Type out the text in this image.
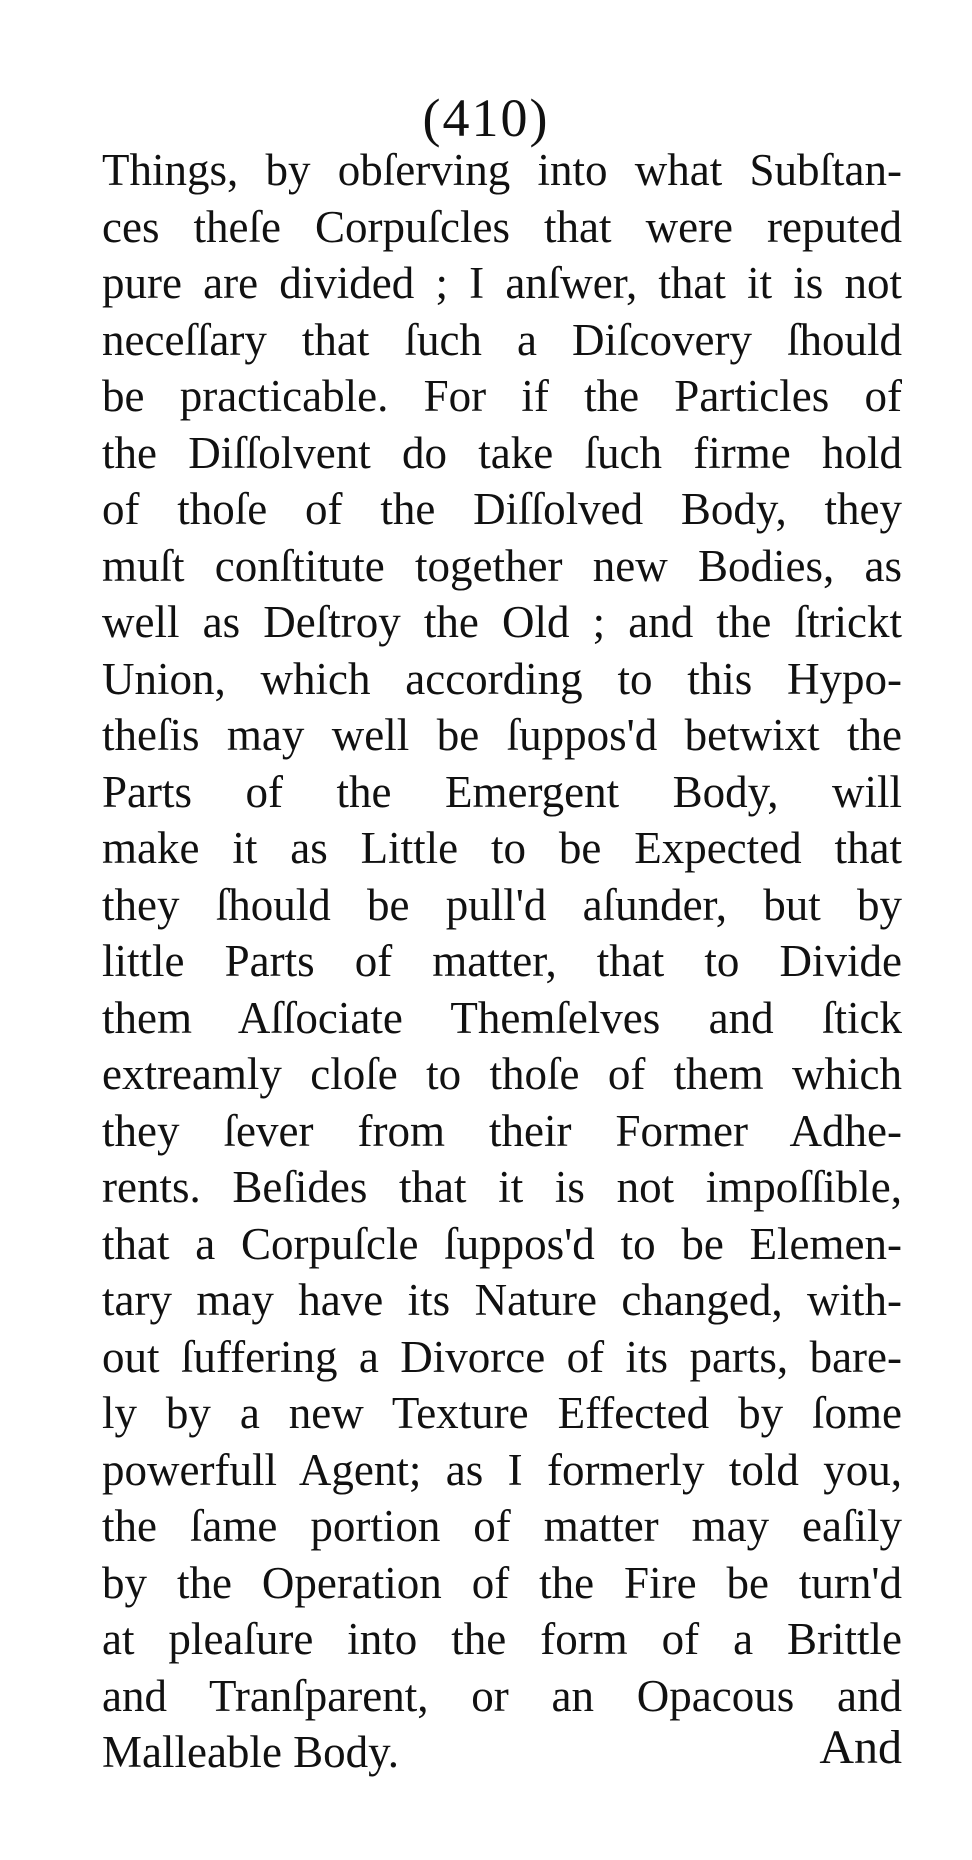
(410)
Things, by obſerving into what Subſtan-
ces theſe Corpuſcles that were reputed
pure are divided ; I anſwer, that it is not
neceſſary that ſuch a Diſcovery ſhould
be practicable. For if the Particles of
the Diſſolvent do take ſuch firme hold
of thoſe of the Diſſolved Body, they
muſt conſtitute together new Bodies, as
well as Deſtroy the Old ; and the ſtrickt
Union, which according to this Hypo-
theſis may well be ſuppos'd betwixt the
Parts of the Emergent Body, will
make it as Little to be Expected that
they ſhould be pull'd aſunder, but by
little Parts of matter, that to Divide
them Aſſociate Themſelves and ſtick
extreamly cloſe to thoſe of them which
they ſever from their Former Adhe-
rents. Beſides that it is not impoſſible,
that a Corpuſcle ſuppos'd to be Elemen-
tary may have its Nature changed, with-
out ſuffering a Divorce of its parts, bare-
ly by a new Texture Effected by ſome
powerfull Agent; as I formerly told you,
the ſame portion of matter may eaſily
by the Operation of the Fire be turn'd
at pleaſure into the form of a Brittle
and Tranſparent, or an Opacous and
Malleable Body.	And
